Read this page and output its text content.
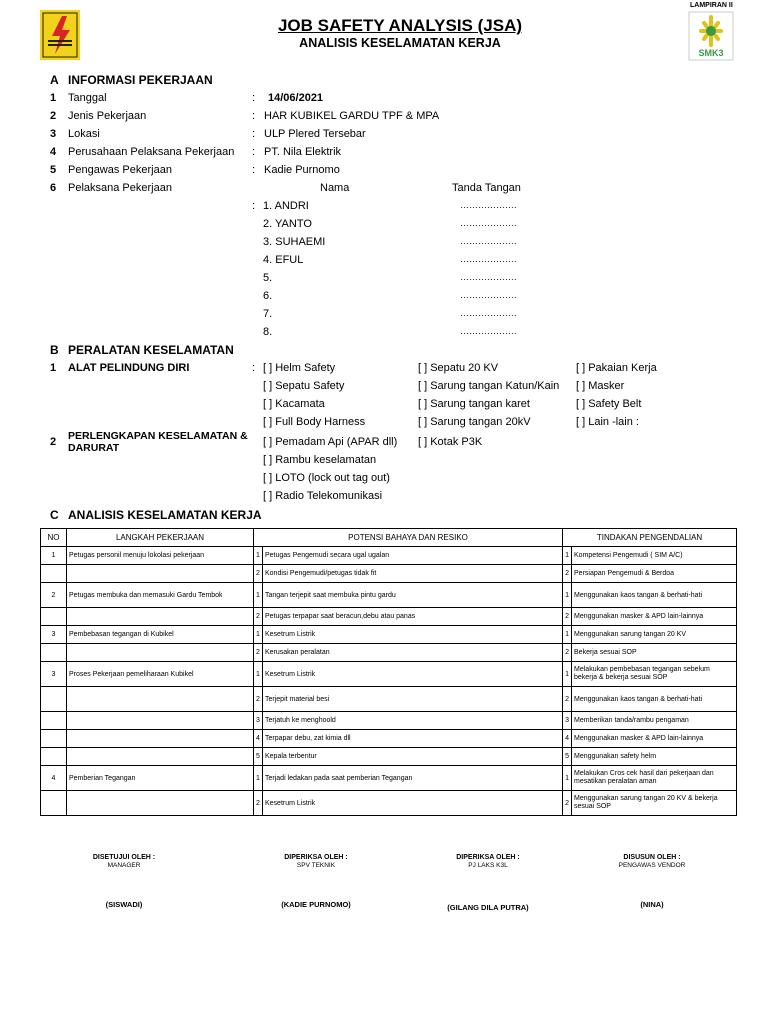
LAMPIRAN II
SMK3
JOB SAFETY ANALYSIS (JSA)
ANALISIS KESELAMATAN KERJA
A INFORMASI PEKERJAAN
1 Tanggal	: 14/06/2021
2 Jenis Pekerjaan	: HAR KUBIKEL GARDU TPF & MPA
3 Lokasi	: ULP Plered Tersebar
4 Perusahaan Pelaksana Pekerjaan : PT. Nila Elektrik
5 Pengawas Pekerjaan	: Kadie Purnomo
6 Pelaksana Pekerjaan	Nama	Tanda Tangan
: 1. ANDRI	……………….
2. YANTO	……………….
3. SUHAEMI	……………….
4. EFUL	……………….
5.	……………….
6.	……………….
7.	……………….
8.	……………….
B PERALATAN KESELAMATAN
1 ALAT PELINDUNG DIRI	: [ ] Helm Safety
[ ] Sepatu Safety
[ ] Kacamata
[ ] Full Body Harness
[ ] Sepatu 20 KV
[ ] Sarung tangan Katun/Kain
[ ] Sarung tangan karet
[ ] Sarung tangan 20kV
[ ] Pakaian Kerja
[ ] Masker
[ ] Safety Belt
[ ] Lain -lain :
2 PERLENGKAPAN KESELAMATAN &
DARURAT	[ ] Pemadam Api (APAR dll)
[ ] Rambu keselamatan
[ ] LOTO (lock out tag out)
[ ] Radio Telekomunikasi
[ ] Kotak P3K
C ANALISIS KESELAMATAN KERJA
NO	LANGKAH PEKERJAAN	POTENSI BAHAYA DAN RESIKO		TINDAKAN PENGENDALIAN	
1	Petugas personil menuju lokolasi pekerjaan	1	Petugas Pengemudi secara ugal ugalan	1	Kompetensi Pengemudi ( SIM A/C)
		2	Kondisi Pengemudi/petugas tidak fit	2	Persiapan Pengemudi & Berdoa
2	Petugas membuka dan memasuki Gardu Tembok	1	Tangan terjepit saat membuka pintu gardu	1	Menggunakan kaos tangan & berhati-hati
		2	Petugas terpapar saat beracun,debu atau panas	2	Menggunakan masker & APD lain-lainnya
3	Pembebasan tegangan di Kubikel	1	Kesetrum Listrik	1	Menggunakan sarung tangan 20 KV
		2	Kerusakan peralatan	2	Bekerja sesuai SOP
3	Proses Pekerjaan pemeliharaan Kubikel	1	Kesetrum Listrik	1	Melakukan pembebasan tegangan sebelum bekerja & bekerja sesuai SOP
		2	Terjepit material besi	2	Menggunakan kaos tangan & berhati-hati
		3	Terjatuh ke menghoold	3	Memberikan tanda/rambu pengaman
		4	Terpapar debu, zat kimia dll	4	Menggunakan masker & APD lain-lainnya
		5	Kepala terbentur	5	Menggunakan safety helm
4	Pemberian Tegangan	1	Terjadi ledakan pada saat pemberian Tegangan	1	Melakukan Cros cek hasil dari pekerjaan dan mesatikan peralatan aman
		2	Kesetrum Listrik	2	Menggunakan sarung tangan 20 KV & bekerja sesuai SOP
DISETUJUI OLEH :
MANAGER
(SISWADI)
DIPERIKSA OLEH :
SPV TEKNIK
(KADIE PURNOMO)
DIPERIKSA OLEH :
PJ LAKS K3L
(GILANG DILA PUTRA)
DISUSUN OLEH :
PENGAWAS VENDOR
(NINA)
